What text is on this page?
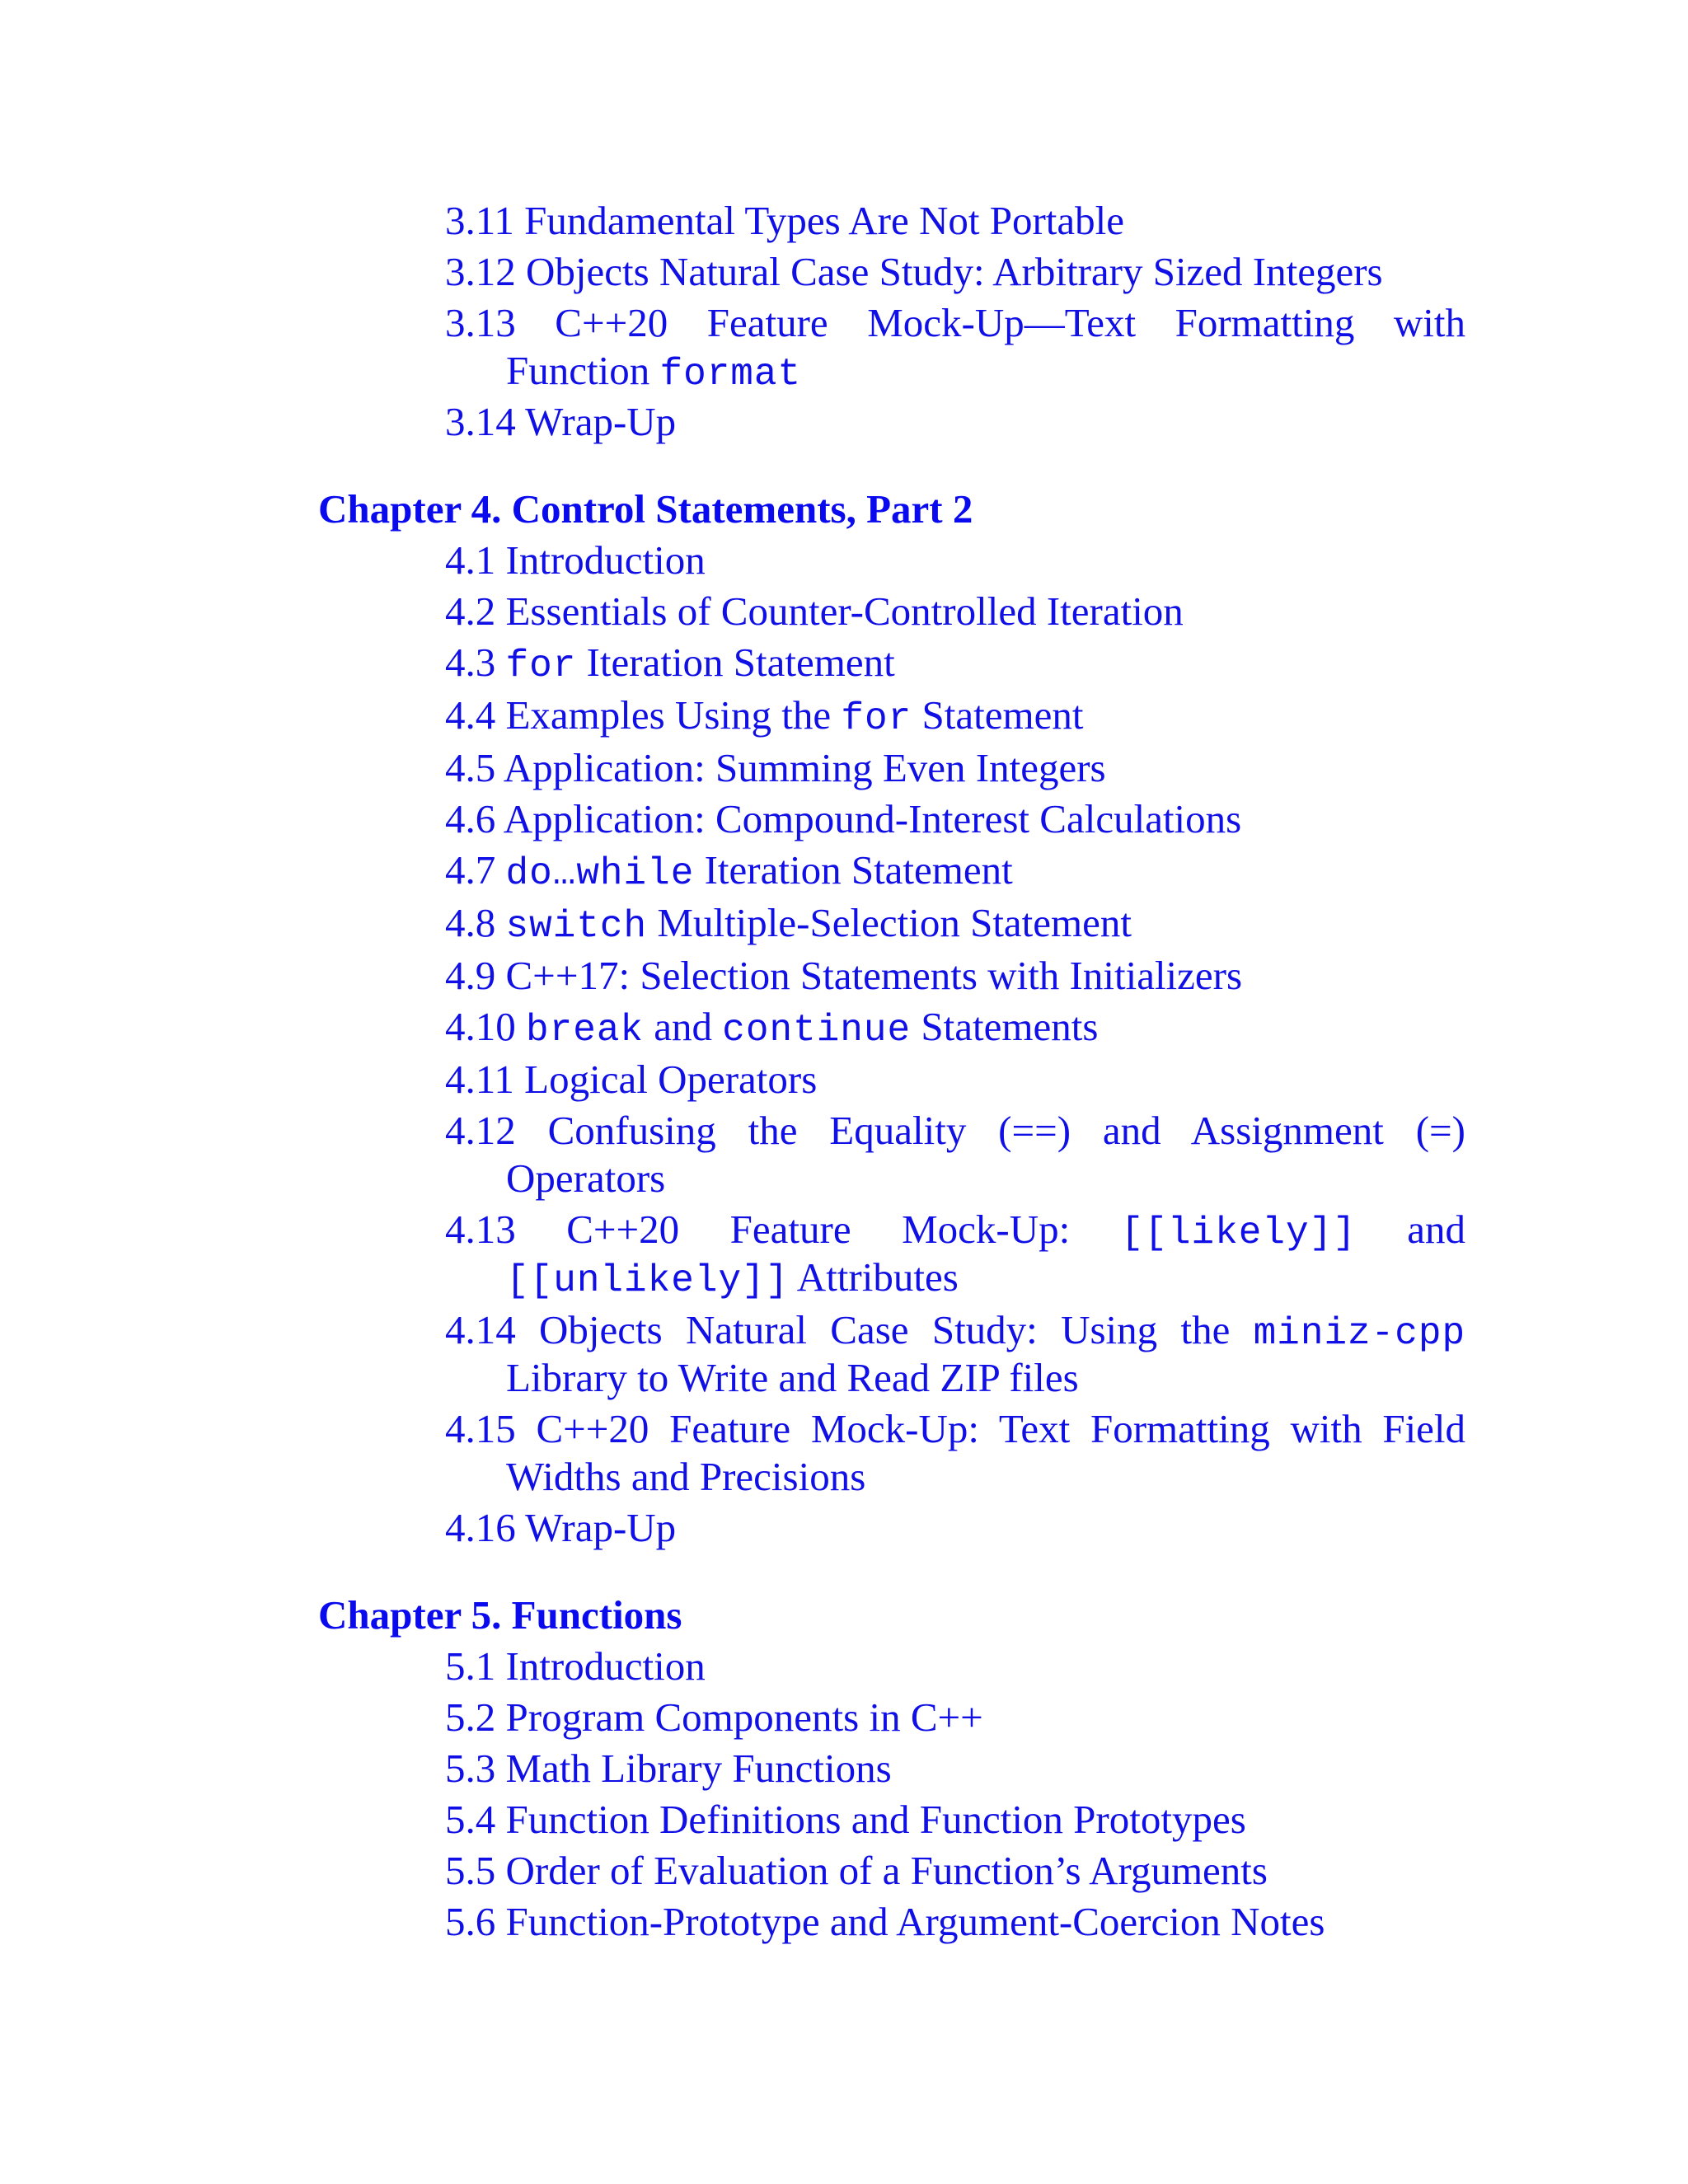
3.11 Fundamental Types Are Not Portable

3.12 Objects Natural Case Study: Arbitrary Sized Integers

3.13 C++20 Feature Mock-Up—Text Formatting with

Function format

3.14 Wrap-Up

Chapter 4. Control Statements, Part 2

4.1 Introduction

4.2 Essentials of Counter-Controlled Iteration

4.3 for Iteration Statement

4.4 Examples Using the for Statement

4.5 Application: Summing Even Integers

4.6 Application: Compound-Interest Calculations

4.7 do…while Iteration Statement

4.8 switch Multiple-Selection Statement

4.9 C++17: Selection Statements with Initializers

4.10 break and continue Statements

4.11 Logical Operators

4.12 Confusing the Equality (==) and Assignment (=)

Operators

4.13 C++20 Feature Mock-Up: [[likely]] and

[[unlikely]] Attributes

4.14 Objects Natural Case Study: Using the miniz-cpp

Library to Write and Read ZIP files

4.15 C++20 Feature Mock-Up: Text Formatting with Field

Widths and Precisions

4.16 Wrap-Up

Chapter 5. Functions

5.1 Introduction

5.2 Program Components in C++

5.3 Math Library Functions

5.4 Function Definitions and Function Prototypes

5.5 Order of Evaluation of a Function’s Arguments

5.6 Function-Prototype and Argument-Coercion Notes
